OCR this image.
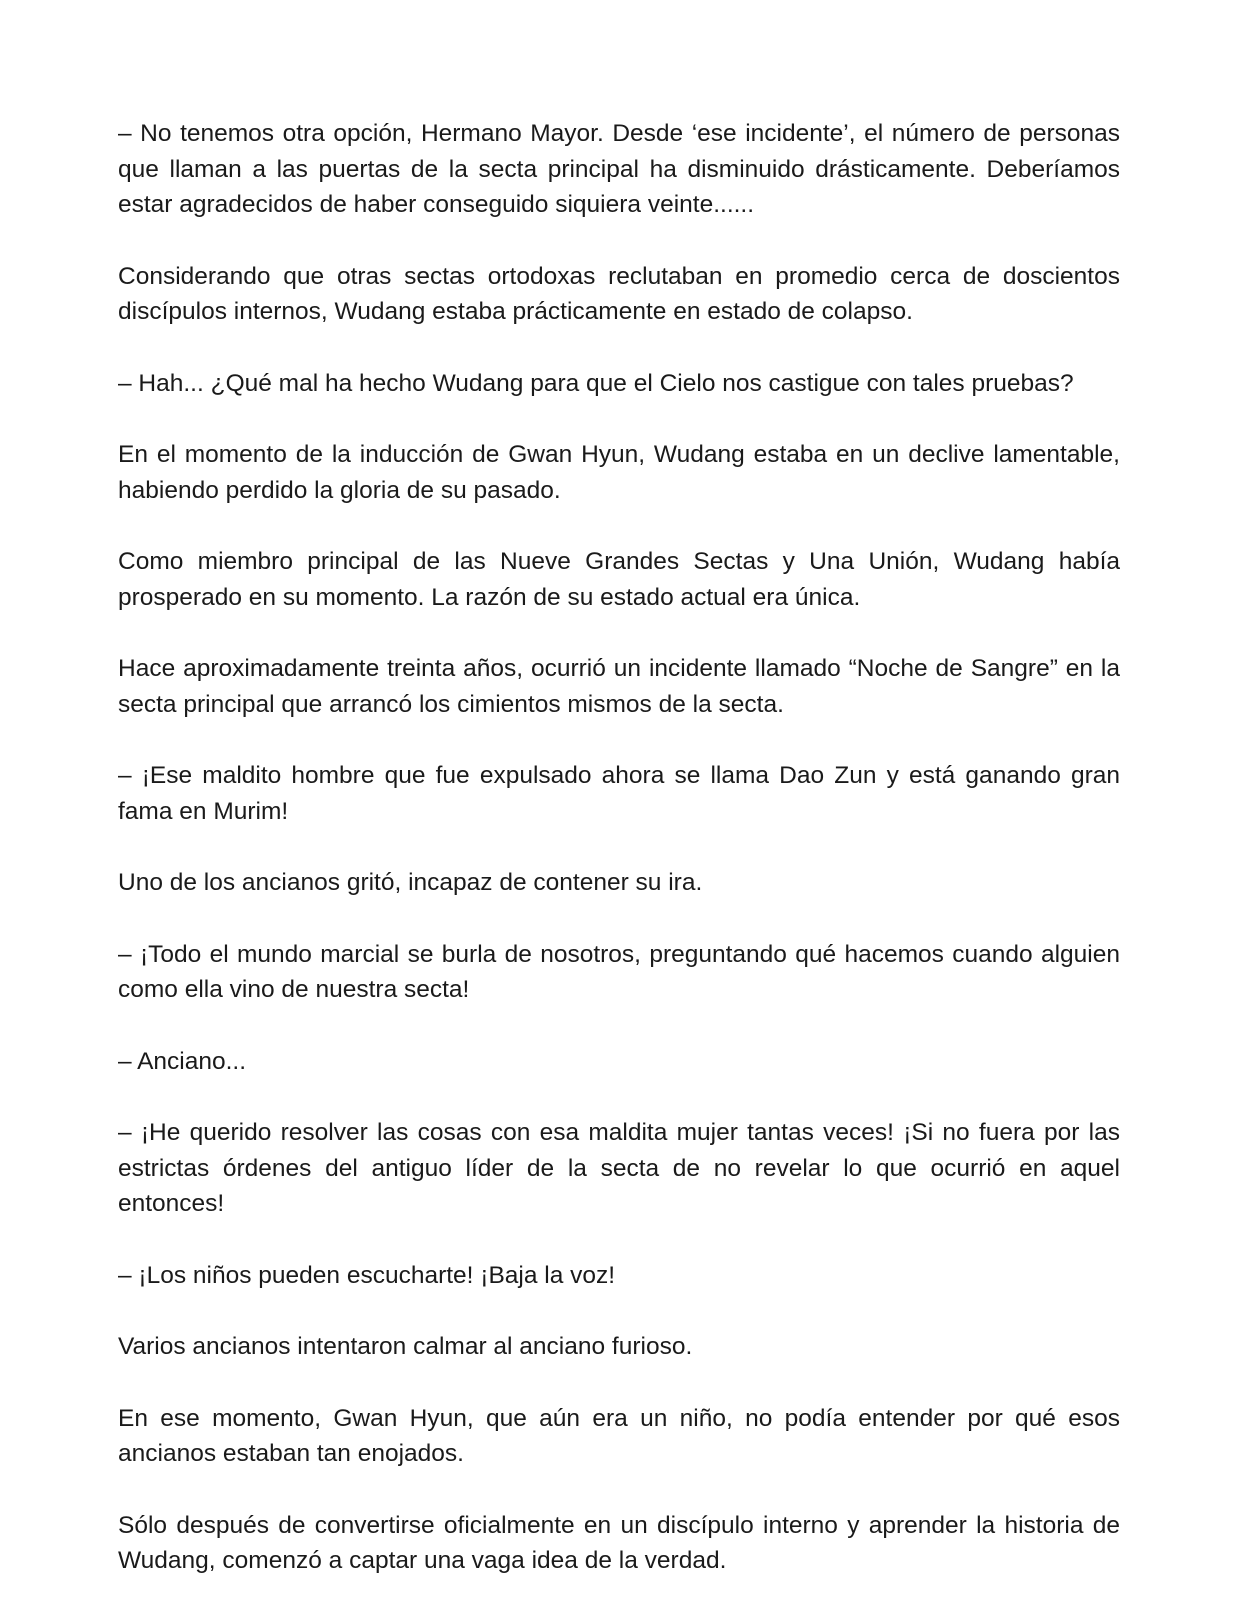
– No tenemos otra opción, Hermano Mayor. Desde ‘ese incidente’, el número de personas que llaman a las puertas de la secta principal ha disminuido drásticamente. Deberíamos estar agradecidos de haber conseguido siquiera veinte......

Considerando que otras sectas ortodoxas reclutaban en promedio cerca de doscientos discípulos internos, Wudang estaba prácticamente en estado de colapso.

– Hah... ¿Qué mal ha hecho Wudang para que el Cielo nos castigue con tales pruebas?

En el momento de la inducción de Gwan Hyun, Wudang estaba en un declive lamentable, habiendo perdido la gloria de su pasado.

Como miembro principal de las Nueve Grandes Sectas y Una Unión, Wudang había prosperado en su momento. La razón de su estado actual era única.

Hace aproximadamente treinta años, ocurrió un incidente llamado “Noche de Sangre” en la secta principal que arrancó los cimientos mismos de la secta.

– ¡Ese maldito hombre que fue expulsado ahora se llama Dao Zun y está ganando gran fama en Murim!

Uno de los ancianos gritó, incapaz de contener su ira.

– ¡Todo el mundo marcial se burla de nosotros, preguntando qué hacemos cuando alguien como ella vino de nuestra secta!

– Anciano...

– ¡He querido resolver las cosas con esa maldita mujer tantas veces! ¡Si no fuera por las estrictas órdenes del antiguo líder de la secta de no revelar lo que ocurrió en aquel entonces!

– ¡Los niños pueden escucharte! ¡Baja la voz!

Varios ancianos intentaron calmar al anciano furioso.

En ese momento, Gwan Hyun, que aún era un niño, no podía entender por qué esos ancianos estaban tan enojados.

Sólo después de convertirse oficialmente en un discípulo interno y aprender la historia de Wudang, comenzó a captar una vaga idea de la verdad.
